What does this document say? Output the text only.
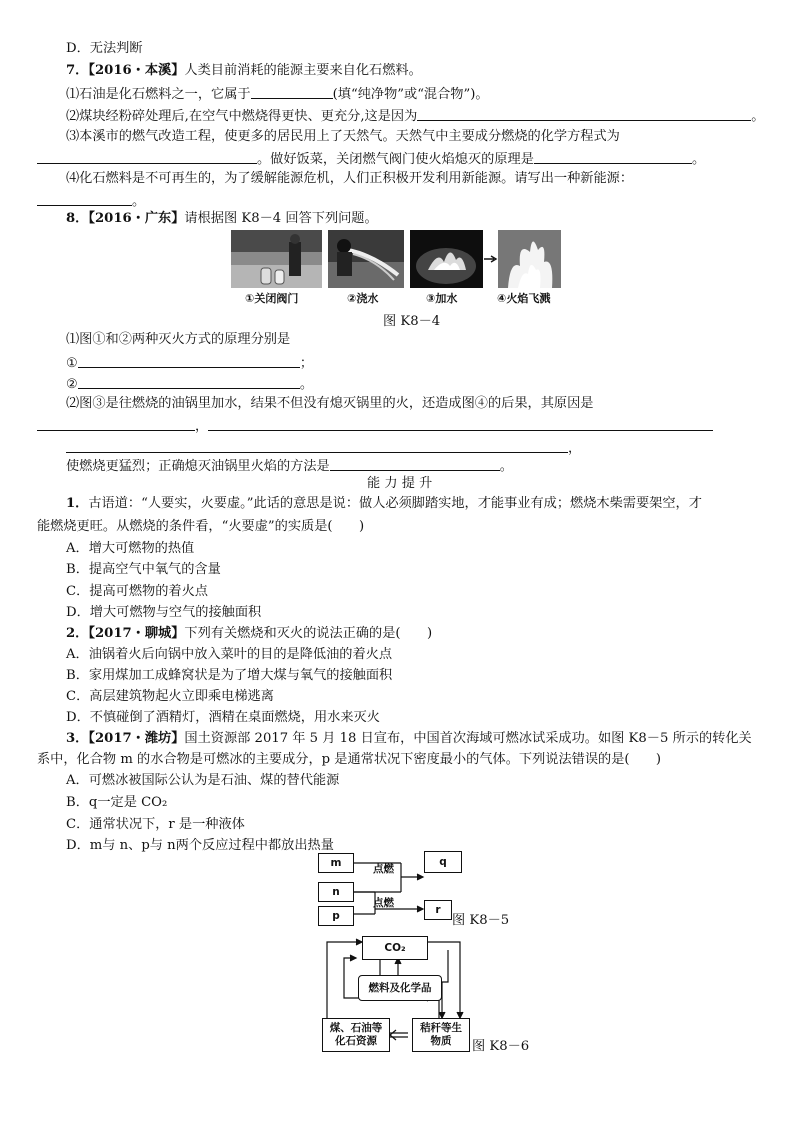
D．无法判断
7．【2016・本溪】人类目前消耗的能源主要来自化石燃料。
⑴石油是化石燃料之一，它属于	(填“纯净物”或“混合物”)。
⑵煤块经粉碎处理后,在空气中燃烧得更快、更充分,这是因为	。
⑶本溪市的燃气改造工程，使更多的居民用上了天然气。天然气中主要成分燃烧的化学方程式为
。做好饭菜，关闭燃气阀门使火焰熄灭的原理是	。
⑷化石燃料是不可再生的，为了缓解能源危机，人们正积极开发利用新能源。请写出一种新能源：
。
8．【2016・广东】请根据图 K8－4 回答下列问题。
①关闭阀门	②浇水	③加水	④火焰飞溅
图 K8－4
⑴图①和②两种灭火方式的原理分别是
①	；
②	。
⑵图③是往燃烧的油锅里加水，结果不但没有熄灭锅里的火，还造成图④的后果，其原因是
，
，
使燃烧更猛烈；正确熄灭油锅里火焰的方法是	。
能 力 提 升
1．古语道：“人要实，火要虚。”此话的意思是说：做人必须脚踏实地，才能事业有成；燃烧木柴需要架空，才
能燃烧更旺。从燃烧的条件看，“火要虚”的实质是(　　)
A．增大可燃物的热值
B．提高空气中氧气的含量
C．提高可燃物的着火点
D．增大可燃物与空气的接触面积
2．【2017・聊城】下列有关燃烧和灭火的说法正确的是(　　)
A．油锅着火后向锅中放入菜叶的目的是降低油的着火点
B．家用煤加工成蜂窝状是为了增大煤与氧气的接触面积
C．高层建筑物起火立即乘电梯逃离
D．不慎碰倒了酒精灯，酒精在桌面燃烧，用水来灭火
3．【2017・潍坊】国土资源部 2017 年 5 月 18 日宣布，中国首次海域可燃冰试采成功。如图 K8－5 所示的转化关
系中，化合物 m 的水合物是可燃冰的主要成分，p 是通常状况下密度最小的气体。下列说法错误的是(　　)
A．可燃冰被国际公认为是石油、煤的替代能源
B．q一定是 CO₂
C．通常状况下，r 是一种液体
D．m与 n、p与 n两个反应过程中都放出热量
m
n
p
q
r
点燃
点燃
图 K8－5
CO₂
燃料及化学品
煤、石油等
化石资源
秸秆等生
物质 图 K8－6
